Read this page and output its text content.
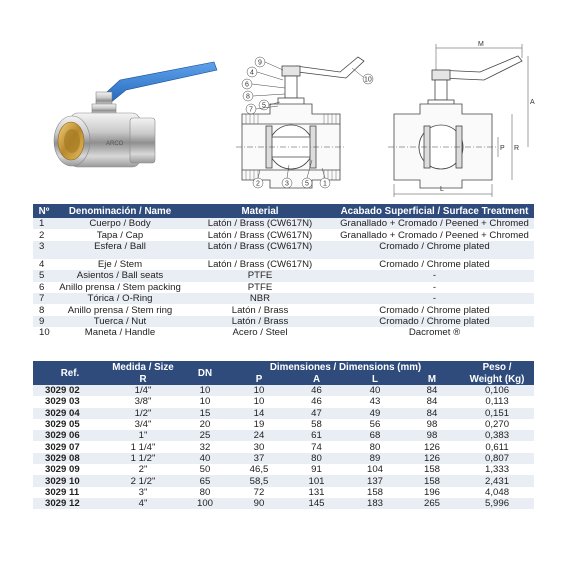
ARCO
9
4
6
8
7
5
2	3 5 1
10
M
A
L
P R
Nº	Denominación / Name	Material	Acabado Superficial / Surface Treatment
1	Cuerpo / Body	Latón / Brass (CW617N)	Granallado + Cromado / Peened + Chromed
2	Tapa / Cap	Latón / Brass (CW617N)	Granallado + Cromado / Peened + Chromed
3	Esfera / Ball	Latón / Brass (CW617N)	Cromado / Chrome plated
4	Eje / Stem	Latón / Brass (CW617N)	Cromado / Chrome plated
5	Asientos / Ball seats	PTFE	-
6	Anillo prensa / Stem packing	PTFE	-
7	Tórica / O-Ring	NBR	-
8	Anillo prensa / Stem ring	Latón / Brass	Cromado / Chrome plated
9	Tuerca / Nut	Latón / Brass	Cromado / Chrome plated
10	Maneta / Handle	Acero / Steel	Dacromet ®
Ref.	Medida / Size	DN	Dimensiones / Dimensions (mm)				Peso /
	R		P	A	L	M	Weight (Kg)
3029 02	1/4"	10	10	46	40	84	0,106
3029 03	3/8"	10	10	46	43	84	0,113
3029 04	1/2"	15	14	47	49	84	0,151
3029 05	3/4"	20	19	58	56	98	0,270
3029 06	1"	25	24	61	68	98	0,383
3029 07	1 1/4"	32	30	74	80	126	0,611
3029 08	1 1/2"	40	37	80	89	126	0,807
3029 09	2"	50	46,5	91	104	158	1,333
3029 10	2 1/2"	65	58,5	101	137	158	2,431
3029 11	3"	80	72	131	158	196	4,048
3029 12	4"	100	90	145	183	265	5,996
